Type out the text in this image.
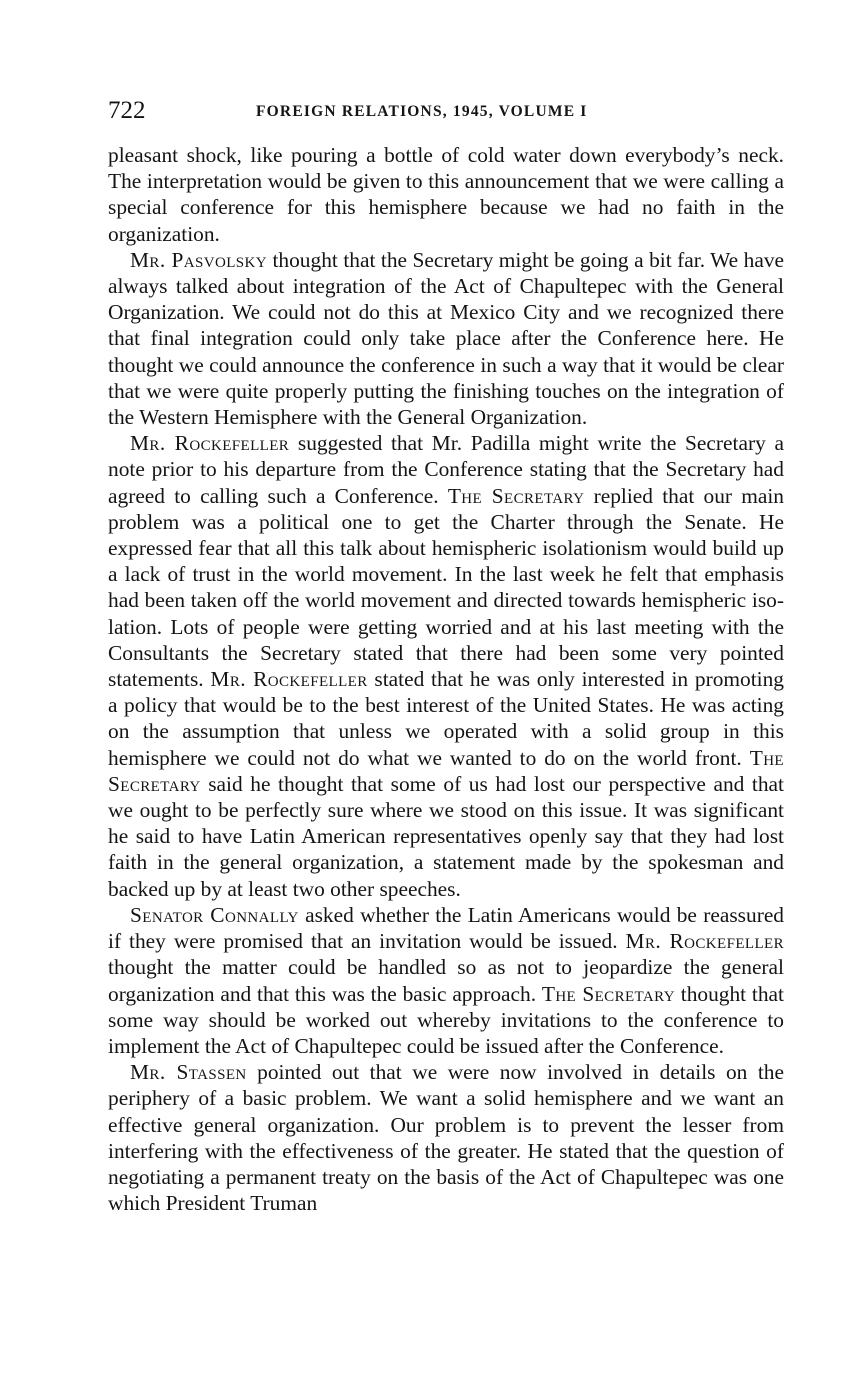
722	FOREIGN RELATIONS, 1945, VOLUME I

pleasant shock, like pouring a bottle of cold water down everybody’s neck. The interpretation would be given to this announcement that we were calling a special conference for this hemisphere because we had no faith in the organization.

Mr. Pasvolsky thought that the Secretary might be going a bit far. We have always talked about integration of the Act of Chapultepec with the General Organization. We could not do this at Mexico City and we recognized there that final integration could only take place after the Conference here. He thought we could announce the conference in such a way that it would be clear that we were quite properly putting the finishing touches on the integration of the Western Hemisphere with the General Organization.

Mr. Rockefeller suggested that Mr. Padilla might write the Secretary a note prior to his departure from the Conference stating that the Secretary had agreed to calling such a Conference. The Secretary replied that our main problem was a political one to get the Charter through the Senate. He expressed fear that all this talk about hemispheric isolationism would build up a lack of trust in the world movement. In the last week he felt that emphasis had been taken off the world movement and directed towards hemispheric isolation. Lots of people were getting worried and at his last meeting with the Consultants the Secretary stated that there had been some very pointed statements. Mr. Rockefeller stated that he was only interested in promoting a policy that would be to the best interest of the United States. He was acting on the assumption that unless we operated with a solid group in this hemisphere we could not do what we wanted to do on the world front. The Secretary said he thought that some of us had lost our perspective and that we ought to be perfectly sure where we stood on this issue. It was significant he said to have Latin American representatives openly say that they had lost faith in the general organization, a statement made by the spokesman and backed up by at least two other speeches.

Senator Connally asked whether the Latin Americans would be reassured if they were promised that an invitation would be issued. Mr. Rockefeller thought the matter could be handled so as not to jeopardize the general organization and that this was the basic approach. The Secretary thought that some way should be worked out whereby invitations to the conference to implement the Act of Chapultepec could be issued after the Conference.

Mr. Stassen pointed out that we were now involved in details on the periphery of a basic problem. We want a solid hemisphere and we want an effective general organization. Our problem is to prevent the lesser from interfering with the effectiveness of the greater. He stated that the question of negotiating a permanent treaty on the basis of the Act of Chapultepec was one which President Truman
